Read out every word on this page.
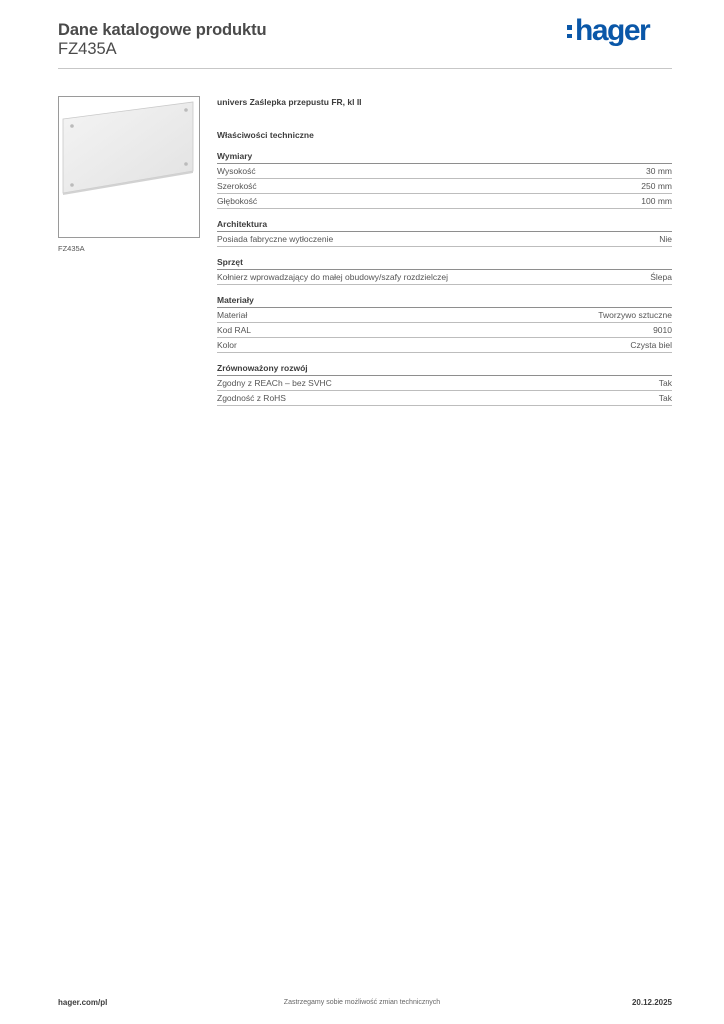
Dane katalogowe produktu
FZ435A
hager
FZ435A
univers Zaślepka przepustu FR, kl II
Właściwości techniczne
Wymiary
Wysokość	30 mm
Szerokość	250 mm
Głębokość	100 mm
Architektura
Posiada fabryczne wytłoczenie	Nie
Sprzęt
Kołnierz wprowadzający do małej obudowy/szafy rozdzielczej	Ślepa
Materiały
Materiał	Tworzywo sztuczne
Kod RAL	9010
Kolor	Czysta biel
Zrównoważony rozwój
Zgodny z REACh – bez SVHC	Tak
Zgodność z RoHS	Tak
hager.com/pl	Zastrzegamy sobie możliwość zmian technicznych	20.12.2025
